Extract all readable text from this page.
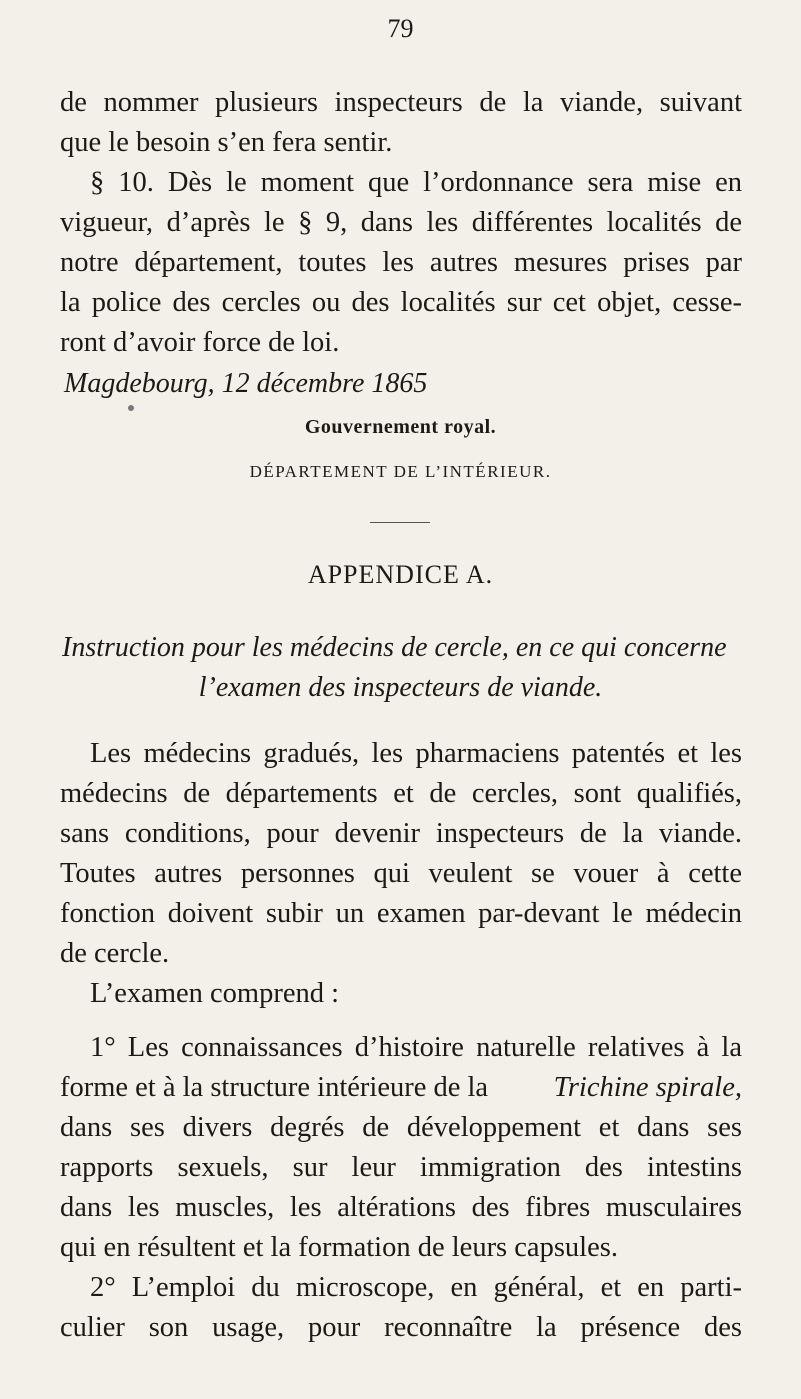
79
de nommer plusieurs inspecteurs de la viande, suivant
que le besoin s’en fera sentir.
§ 10. Dès le moment que l’ordonnance sera mise en
vigueur, d’après le § 9, dans les différentes localités de
notre département, toutes les autres mesures prises par
la police des cercles ou des localités sur cet objet, cesse-
ront d’avoir force de loi.
Magdebourg, 12 décembre 1865
Gouvernement royal.
DÉPARTEMENT DE L’INTÉRIEUR.
APPENDICE A.
Instruction pour les médecins de cercle, en ce qui concerne
l’examen des inspecteurs de viande.
Les médecins gradués, les pharmaciens patentés et les
médecins de départements et de cercles, sont qualifiés,
sans conditions, pour devenir inspecteurs de la viande.
Toutes autres personnes qui veulent se vouer à cette
fonction doivent subir un examen par-devant le médecin
de cercle.
L’examen comprend :
1° Les connaissances d’histoire naturelle relatives à la
forme et à la structure intérieure de la Trichine spirale,
dans ses divers degrés de développement et dans ses
rapports sexuels, sur leur immigration des intestins
dans les muscles, les altérations des fibres musculaires
qui en résultent et la formation de leurs capsules.
2° L’emploi du microscope, en général, et en parti-
culier son usage, pour reconnaître la présence des
